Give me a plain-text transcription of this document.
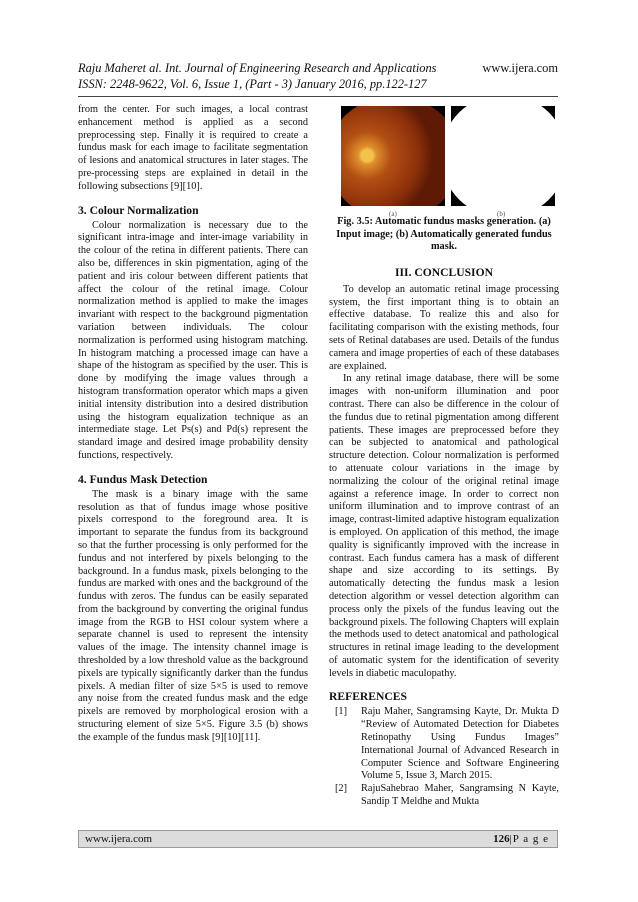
Raju Maheret al. Int. Journal of Engineering Research and Applications
ISSN: 2248-9622, Vol. 6, Issue 1, (Part - 3) January 2016, pp.122-127
www.ijera.com

from the center. For such images, a local contrast enhancement method is applied as a second preprocessing step. Finally it is required to create a fundus mask for each image to facilitate segmentation of lesions and anatomical structures in later stages. The pre-processing steps are explained in detail in the following subsections [9][10].

3. Colour Normalization

Colour normalization is necessary due to the significant intra-image and inter-image variability in the colour of the retina in different patients. There can also be, differences in skin pigmentation, aging of the patient and iris colour between different patients that affect the colour of the retinal image. Colour normalization method is applied to make the images invariant with respect to the background pigmentation variation between individuals. The colour normalization is performed using histogram matching. In histogram matching a processed image can have a shape of the histogram as specified by the user. This is done by modifying the image values through a histogram transformation operator which maps a given initial intensity distribution into a desired distribution using the histogram equalization technique as an intermediate stage. Let Ps(s) and Pd(s) represent the standard image and desired image probability density functions, respectively.

4. Fundus Mask Detection

The mask is a binary image with the same resolution as that of fundus image whose positive pixels correspond to the foreground area. It is important to separate the fundus from its background so that the further processing is only performed for the fundus and not interfered by pixels belonging to the background. In a fundus mask, pixels belonging to the fundus are marked with ones and the background of the fundus with zeros. The fundus can be easily separated from the background by converting the original fundus image from the RGB to HSI colour system where a separate channel is used to represent the intensity values of the image. The intensity channel image is thresholded by a low threshold value as the background pixels are typically significantly darker than the fundus pixels. A median filter of size 5×5 is used to remove any noise from the created fundus mask and the edge pixels are removed by morphological erosion with a structuring element of size 5×5. Figure 3.5 (b) shows the example of the fundus mask [9][10][11].

(a)	(b)
Fig. 3.5: Automatic fundus masks generation. (a) Input image; (b) Automatically generated fundus mask.
III. CONCLUSION

To develop an automatic retinal image processing system, the first important thing is to obtain an effective database. To realize this and also for facilitating comparison with the existing methods, four sets of Retinal databases are used. Details of the fundus camera and image properties of each of these databases are explained.

In any retinal image database, there will be some images with non-uniform illumination and poor contrast. There can also be difference in the colour of the fundus due to retinal pigmentation among different patients. These images are preprocessed before they can be subjected to anatomical and pathological structure detection. Colour normalization is performed to attenuate colour variations in the image by normalizing the colour of the original retinal image against a reference image. In order to correct non uniform illumination and to improve contrast of an image, contrast-limited adaptive histogram equalization is employed. On application of this method, the image quality is significantly improved with the increase in contrast. Each fundus camera has a mask of different shape and size according to its settings. By automatically detecting the fundus mask a lesion detection algorithm or vessel detection algorithm can process only the pixels of the fundus leaving out the background pixels. The following Chapters will explain the methods used to detect anatomical and pathological structures in retinal image leading to the development of automatic system for the identification of severity levels in diabetic maculopathy.

REFERENCES
[1]	Raju Maher, Sangramsing Kayte, Dr. Mukta D “Review of Automated Detection for Diabetes Retinopathy Using Fundus Images” International Journal of Advanced Research in Computer Science and Software Engineering Volume 5, Issue 3, March 2015.
[2]	RajuSahebrao Maher, Sangramsing N Kayte, Sandip T Meldhe and Mukta
www.ijera.com	126|P a g e
